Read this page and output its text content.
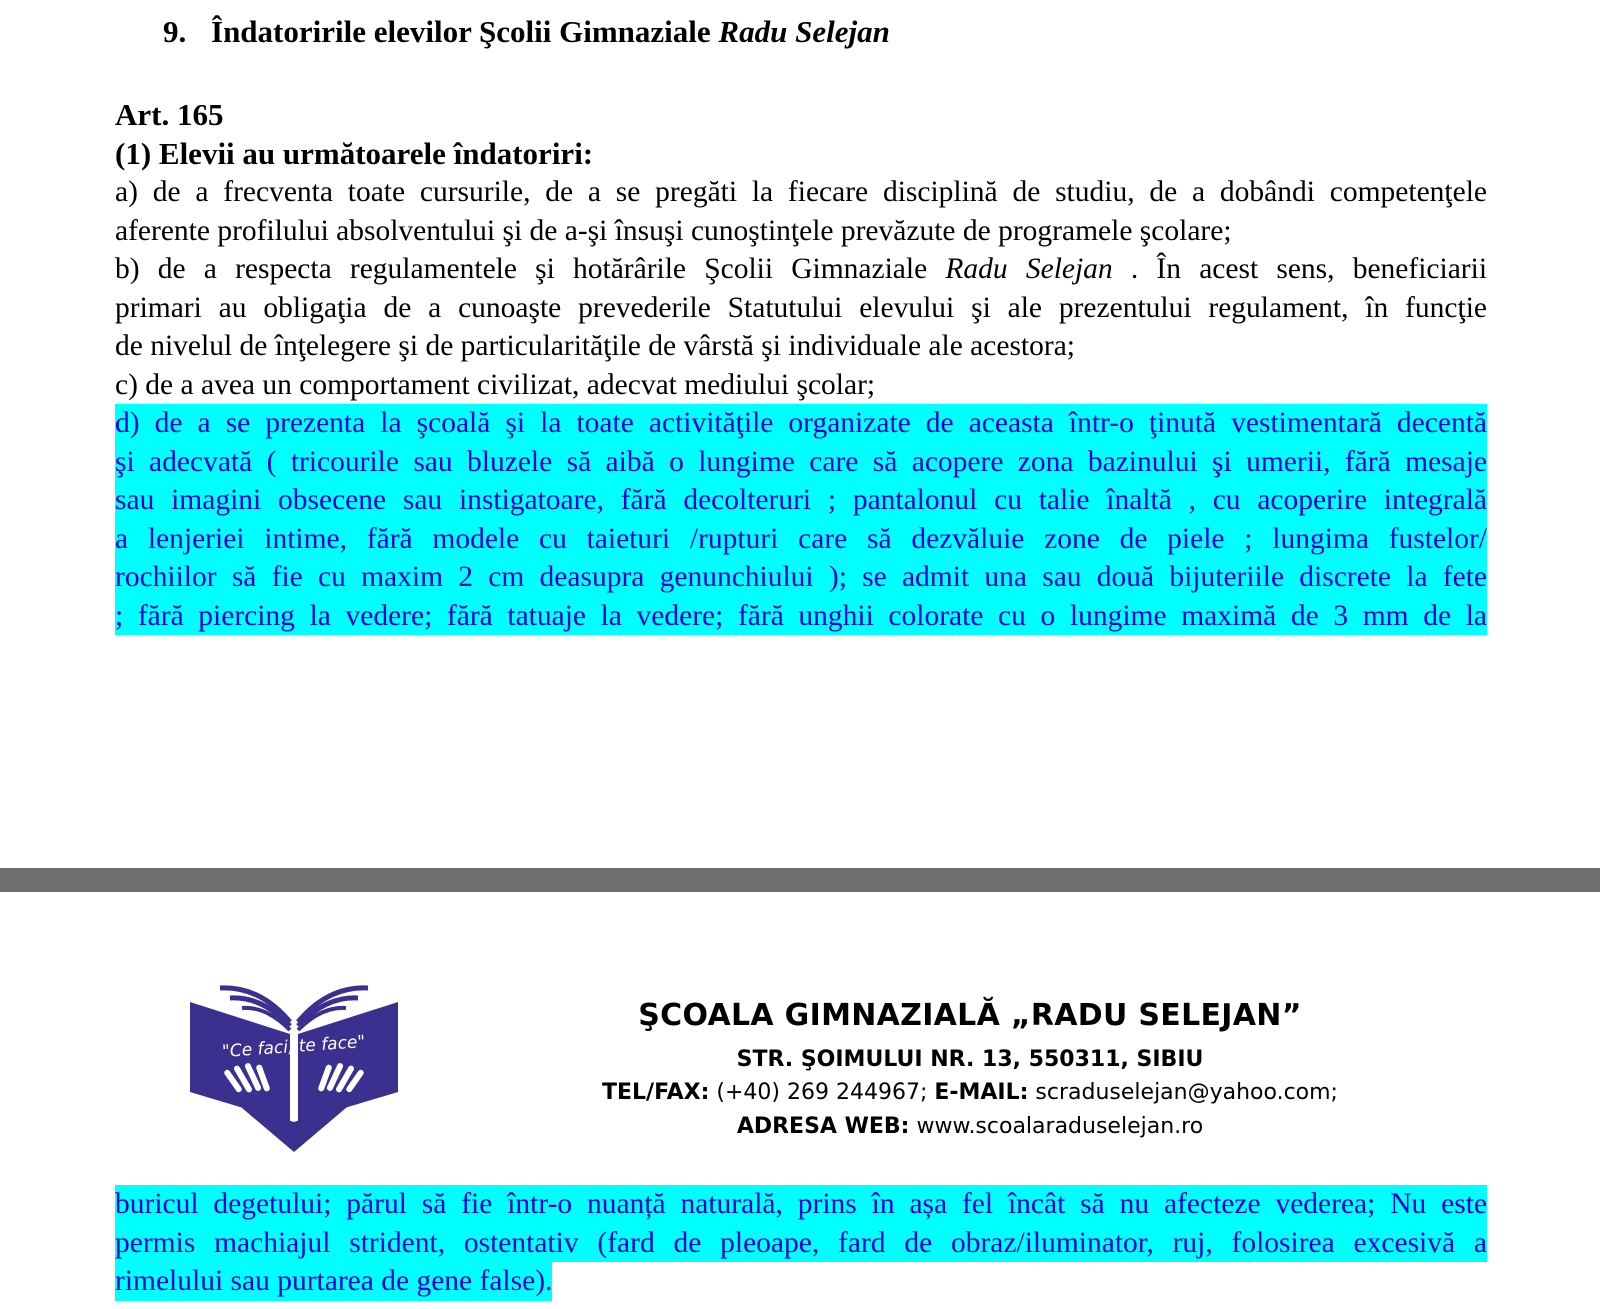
9. Îndatoririle elevilor Şcolii Gimnaziale Radu Selejan
Art. 165
(1) Elevii au următoarele îndatoriri:
a) de a frecventa toate cursurile, de a se pregăti la fiecare disciplină de studiu, de a dobândi competenţele
aferente profilului absolventului şi de a-şi însuşi cunoştinţele prevăzute de programele şcolare;
b) de a respecta regulamentele şi hotărârile Şcolii Gimnaziale Radu Selejan . În acest sens, beneficiarii
primari au obligaţia de a cunoaşte prevederile Statutului elevului şi ale prezentului regulament, în funcţie
de nivelul de înţelegere şi de particularităţile de vârstă şi individuale ale acestora;
c) de a avea un comportament civilizat, adecvat mediului şcolar;
d) de a se prezenta la şcoală şi la toate activităţile organizate de aceasta într-o ţinută vestimentară decentă
şi adecvată ( tricourile sau bluzele să aibă o lungime care să acopere zona bazinului şi umerii, fără mesaje
sau imagini obsecene sau instigatoare, fără decolteruri ; pantalonul cu talie înaltă , cu acoperire integrală
a lenjeriei intime, fără modele cu taieturi /rupturi care să dezvăluie zone de piele ; lungima fustelor/
rochiilor să fie cu maxim 2 cm deasupra genunchiului ); se admit una sau două bijuteriile discrete la fete
; fără piercing la vedere; fără tatuaje la vedere; fără unghii colorate cu o lungime maximă de 3 mm de la
"Ce faci, te face"
ŞCOALA GIMNAZIALĂ „RADU SELEJAN”
STR. ŞOIMULUI NR. 13, 550311, SIBIU
TEL/FAX: (+40) 269 244967; E-MAIL: scraduselejan@yahoo.com;
ADRESA WEB: www.scoalaraduselejan.ro
buricul degetului; părul să fie într-o nuanță naturală, prins în așa fel încât să nu afecteze vederea; Nu este
permis machiajul strident, ostentativ (fard de pleoape, fard de obraz/iluminator, ruj, folosirea excesivă a
rimelului sau purtarea de gene false).
